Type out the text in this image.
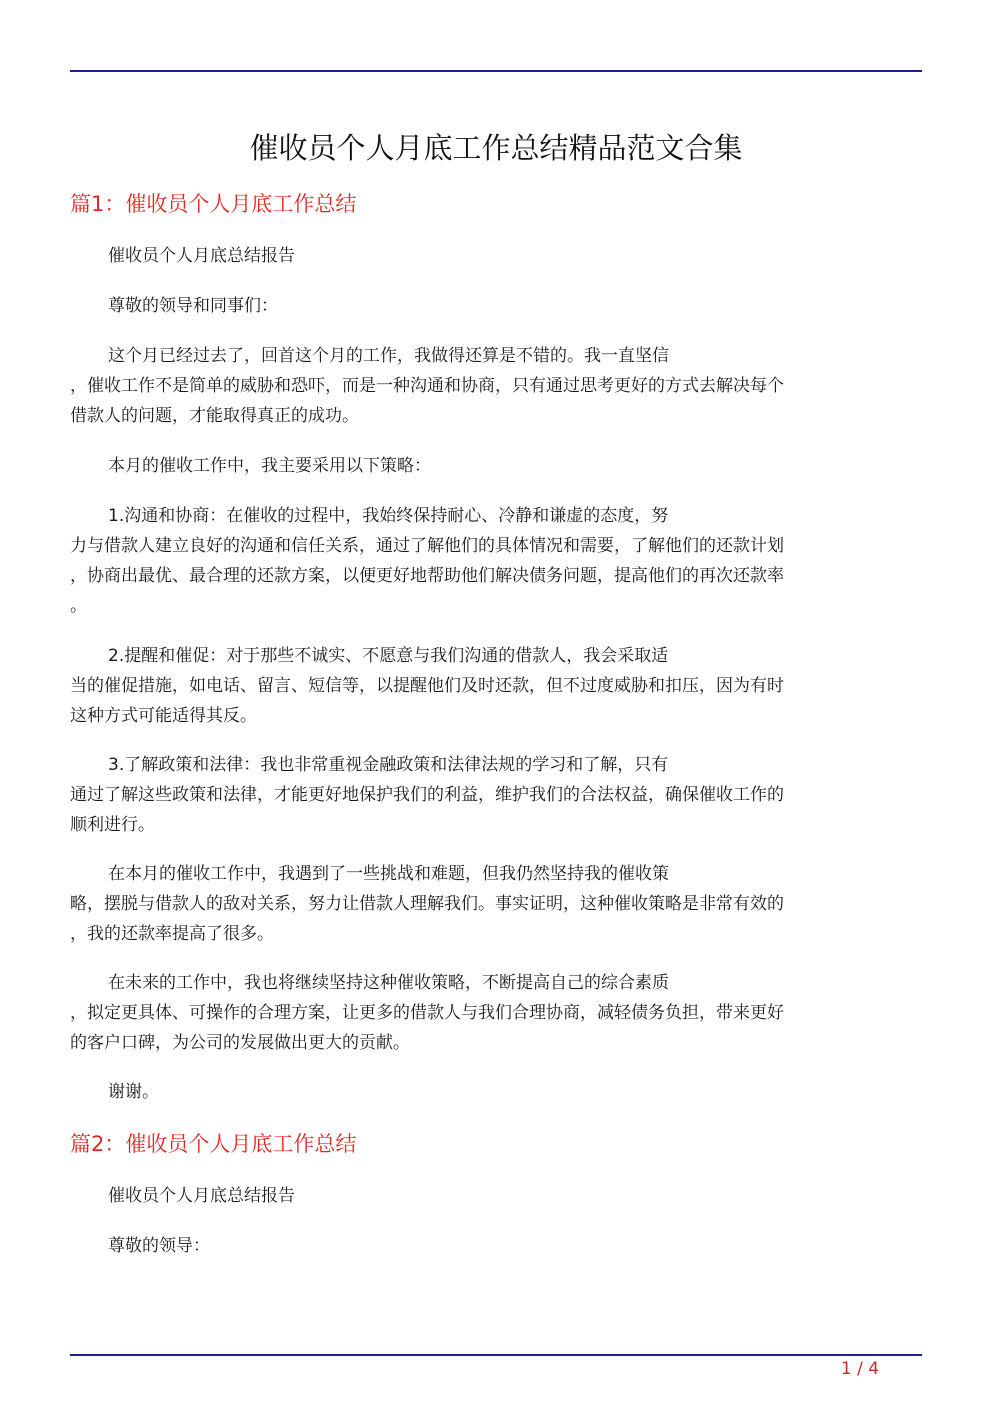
催收员个人月底工作总结精品范文合集
篇1：催收员个人月底工作总结
催收员个人月底总结报告
尊敬的领导和同事们：
这个月已经过去了，回首这个月的工作，我做得还算是不错的。我一直坚信
，催收工作不是简单的威胁和恐吓，而是一种沟通和协商，只有通过思考更好的方式去解决每个
借款人的问题，才能取得真正的成功。
本月的催收工作中，我主要采用以下策略：
1.沟通和协商：在催收的过程中，我始终保持耐心、冷静和谦虚的态度，努
力与借款人建立良好的沟通和信任关系，通过了解他们的具体情况和需要，了解他们的还款计划
，协商出最优、最合理的还款方案，以便更好地帮助他们解决债务问题，提高他们的再次还款率
。
2.提醒和催促：对于那些不诚实、不愿意与我们沟通的借款人，我会采取适
当的催促措施，如电话、留言、短信等，以提醒他们及时还款，但不过度威胁和扣压，因为有时
这种方式可能适得其反。
3.了解政策和法律：我也非常重视金融政策和法律法规的学习和了解，只有
通过了解这些政策和法律，才能更好地保护我们的利益，维护我们的合法权益，确保催收工作的
顺利进行。
在本月的催收工作中，我遇到了一些挑战和难题，但我仍然坚持我的催收策
略，摆脱与借款人的敌对关系，努力让借款人理解我们。事实证明，这种催收策略是非常有效的
，我的还款率提高了很多。
在未来的工作中，我也将继续坚持这种催收策略，不断提高自己的综合素质
，拟定更具体、可操作的合理方案，让更多的借款人与我们合理协商，减轻债务负担，带来更好
的客户口碑，为公司的发展做出更大的贡献。
谢谢。
篇2：催收员个人月底工作总结
催收员个人月底总结报告
尊敬的领导：
1 / 4
